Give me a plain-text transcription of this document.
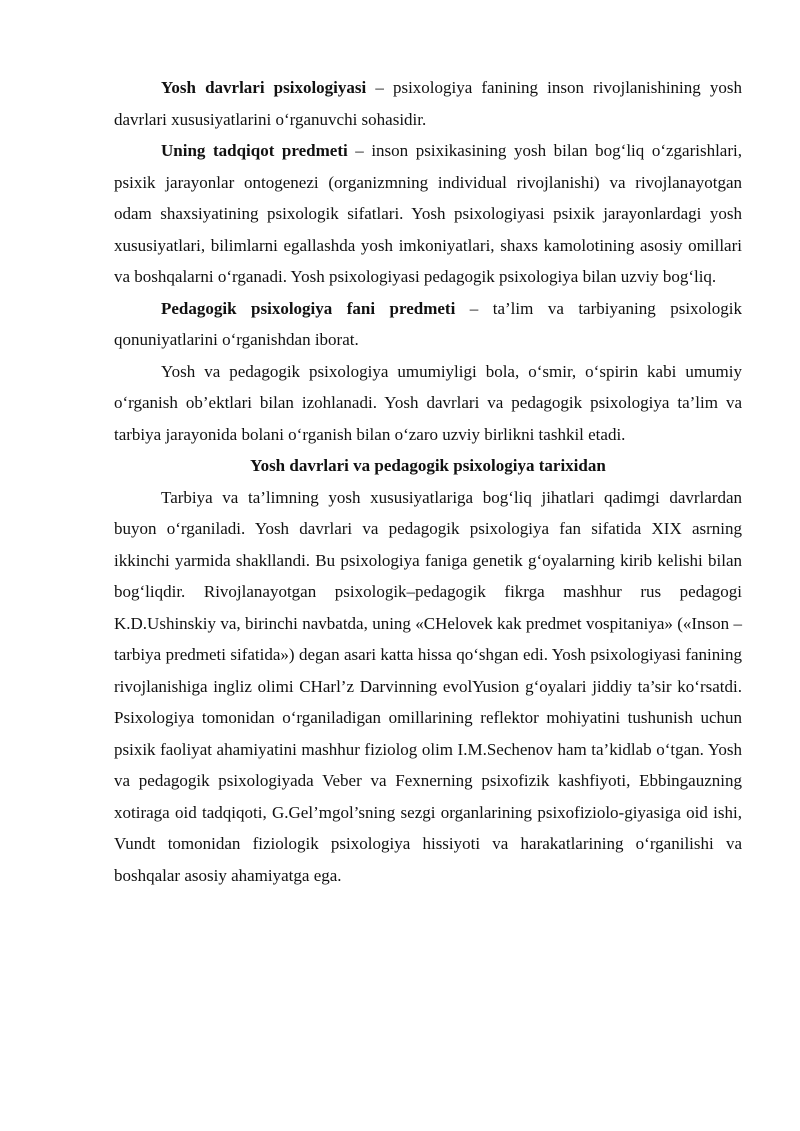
Yosh davrlari psixologiyasi – psixologiya fanining inson rivojlanishining yosh davrlari xususiyatlarini o‘rganuvchi sohasidir.

Uning tadqiqot predmeti – inson psixikasining yosh bilan bog‘liq o‘zgarishlari, psixik jarayonlar ontogenezi (organizmning individual rivojlanishi) va rivojlanayotgan odam shaxsiyatining psixologik sifatlari. Yosh psixologiyasi psixik jarayonlardagi yosh xususiyatlari, bilimlarni egallashda yosh imkoniyatlari, shaxs kamolotining asosiy omillari va boshqalarni o‘rganadi. Yosh psixologiyasi pedagogik psixologiya bilan uzviy bog‘liq.

Pedagogik psixologiya fani predmeti – ta’lim va tarbiyaning psixologik qonuniyatlarini o‘rganishdan iborat.

Yosh va pedagogik psixologiya umumiyligi bola, o‘smir, o‘spirin kabi umumiy o‘rganish ob’ektlari bilan izohlanadi. Yosh davrlari va pedagogik psixologiya ta’lim va tarbiya jarayonida bolani o‘rganish bilan o‘zaro uzviy birlikni tashkil etadi.

Yosh davrlari va pedagogik psixologiya tarixidan

Tarbiya va ta’limning yosh xususiyatlariga bog‘liq jihatlari qadimgi davrlardan buyon o‘rganiladi. Yosh davrlari va pedagogik psixologiya fan sifatida XIX asrning ikkinchi yarmida shakllandi. Bu psixologiya faniga genetik g‘oyalarning kirib kelishi bilan bog‘liqdir. Rivojlanayotgan psixologik–pedagogik fikrga mashhur rus pedagogi K.D.Ushinskiy va, birinchi navbatda, uning «CHelovek kak predmet vospitaniya» («Inson – tarbiya predmeti sifatida») degan asari katta hissa qo‘shgan edi. Yosh psixologiyasi fanining rivojlanishiga ingliz olimi CHarl’z Darvinning evolYusion g‘oyalari jiddiy ta’sir ko‘rsatdi. Psixologiya tomonidan o‘rganiladigan omillarining reflektor mohiyatini tushunish uchun psixik faoliyat ahamiyatini mashhur fiziolog olim I.M.Sechenov ham ta’kidlab o‘tgan. Yosh va pedagogik psixologiyada Veber va Fexnerning psixofizik kashfiyoti, Ebbingauzning xotiraga oid tadqiqoti, G.Gel’mgol’sning sezgi organlarining psixofiziolo-giyasiga oid ishi, Vundt tomonidan fiziologik psixologiya hissiyoti va harakatlarining o‘rganilishi va boshqalar asosiy ahamiyatga ega.
